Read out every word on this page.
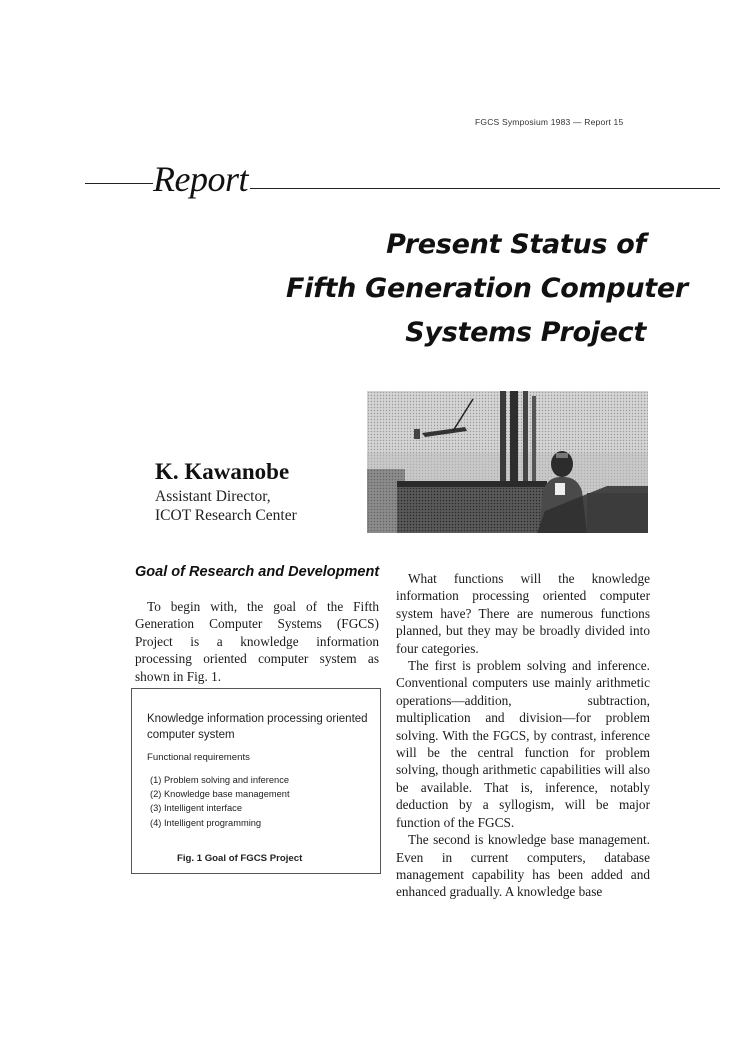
FGCS Symposium 1983 — Report 15
Report
Present Status of
Fifth Generation Computer
Systems Project
K. Kawanobe
Assistant Director,
ICOT Research Center
Goal of Research and Development

To begin with, the goal of the Fifth Generation Computer Systems (FGCS) Project is a knowledge information processing oriented computer system as shown in Fig. 1.

Knowledge information processing oriented computer system
Functional requirements
(1) Problem solving and inference
(2) Knowledge base management
(3) Intelligent interface
(4) Intelligent programming
Fig. 1 Goal of FGCS Project

What functions will the knowledge information processing oriented computer system have? There are numerous functions planned, but they may be broadly divided into four categories.

The first is problem solving and inference. Conventional computers use mainly arithmetic operations—addition, subtraction, multiplication and division—for problem solving. With the FGCS, by contrast, inference will be the central function for problem solving, though arithmetic capabilities will also be available. That is, inference, notably deduction by a syllogism, will be major function of the FGCS.

The second is knowledge base management. Even in current computers, database management capability has been added and enhanced gradually. A knowledge base
